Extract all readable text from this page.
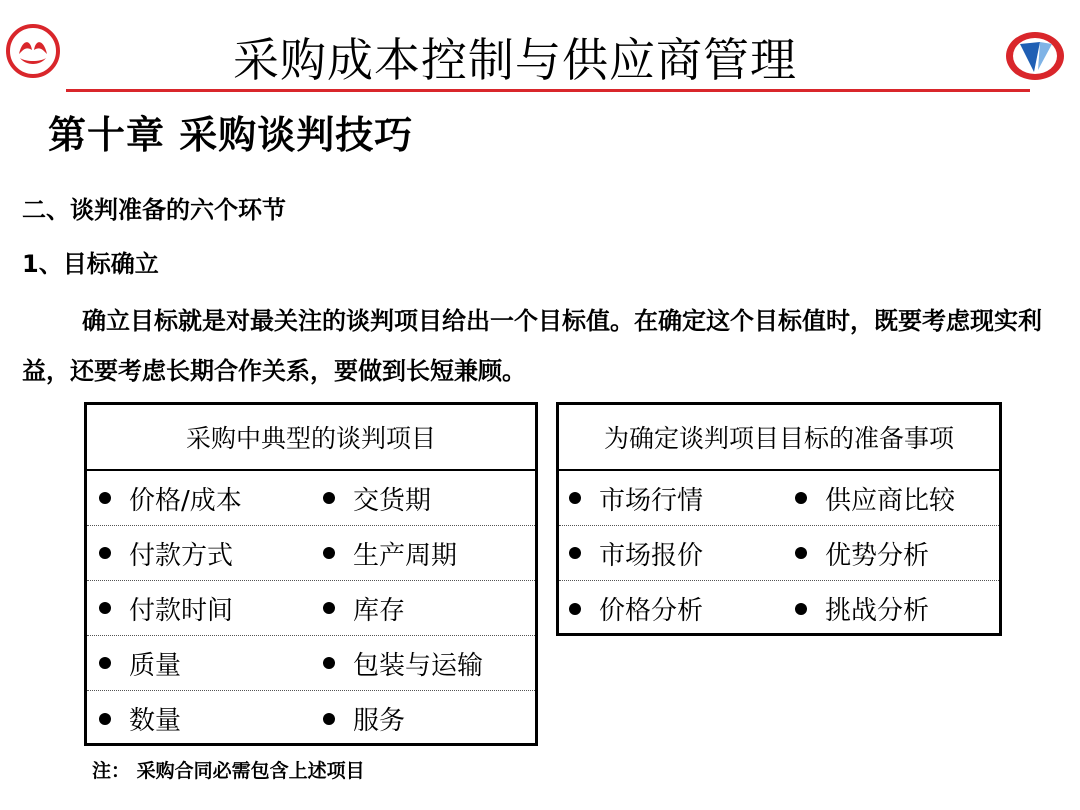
采购成本控制与供应商管理
第十章 采购谈判技巧
二、谈判准备的六个环节
1、目标确立
确立目标就是对最关注的谈判项目给出一个目标值。在确定这个目标值时，既要考虑现实利益，还要考虑长期合作关系，要做到长短兼顾。
采购中典型的谈判项目
价格/成本	交货期
付款方式	生产周期
付款时间	库存
质量	包装与运输
数量	服务
为确定谈判项目目标的准备事项
市场行情	供应商比较
市场报价	优势分析
价格分析	挑战分析
注： 采购合同必需包含上述项目
